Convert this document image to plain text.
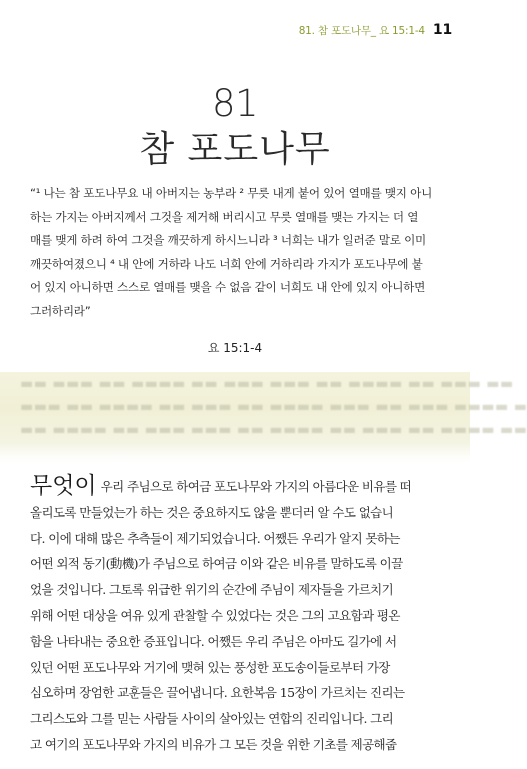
81. 참 포도나무_ 요 15:1-4 11
81
참 포도나무
“¹ 나는 참 포도나무요 내 아버지는 농부라 ² 무릇 내게 붙어 있어 열매를 맺지 아니
하는 가지는 아버지께서 그것을 제거해 버리시고 무릇 열매를 맺는 가지는 더 열
매를 맺게 하려 하여 그것을 깨끗하게 하시느니라 ³ 너희는 내가 일러준 말로 이미
깨끗하여졌으니 ⁴ 내 안에 거하라 나도 너희 안에 거하리라 가지가 포도나무에 붙
어 있지 아니하면 스스로 열매를 맺을 수 없음 같이 너희도 내 안에 있지 아니하면
그러하리라”
요 15:1-4
▬▬ ▬▬▬ ▬▬ ▬▬▬▬ ▬▬ ▬▬▬ ▬▬▬ ▬▬ ▬▬▬▬ ▬▬ ▬▬▬ ▬▬
▬▬▬ ▬▬ ▬▬▬▬ ▬▬ ▬▬▬ ▬▬ ▬▬▬▬ ▬▬▬ ▬▬ ▬▬▬ ▬▬▬▬ ▬
▬▬ ▬▬▬▬ ▬▬ ▬▬▬ ▬▬▬ ▬▬ ▬▬▬▬ ▬▬ ▬▬▬ ▬▬ ▬▬▬▬ ▬▬
무엇이 우리 주님으로 하여금 포도나무와 가지의 아름다운 비유를 떠
올리도록 만들었는가 하는 것은 중요하지도 않을 뿐더러 알 수도 없습니
다. 이에 대해 많은 추측들이 제기되었습니다. 어쨌든 우리가 알지 못하는
어떤 외적 동기(動機)가 주님으로 하여금 이와 같은 비유를 말하도록 이끌
었을 것입니다. 그토록 위급한 위기의 순간에 주님이 제자들을 가르치기
위해 어떤 대상을 여유 있게 관찰할 수 있었다는 것은 그의 고요함과 평온
함을 나타내는 중요한 증표입니다. 어쨌든 우리 주님은 아마도 길가에 서
있던 어떤 포도나무와 거기에 맺혀 있는 풍성한 포도송이들로부터 가장
심오하며 장엄한 교훈들은 끌어냅니다. 요한복음 15장이 가르치는 진리는
그리스도와 그를 믿는 사람들 사이의 살아있는 연합의 진리입니다. 그리
고 여기의 포도나무와 가지의 비유가 그 모든 것을 위한 기초를 제공해줍
